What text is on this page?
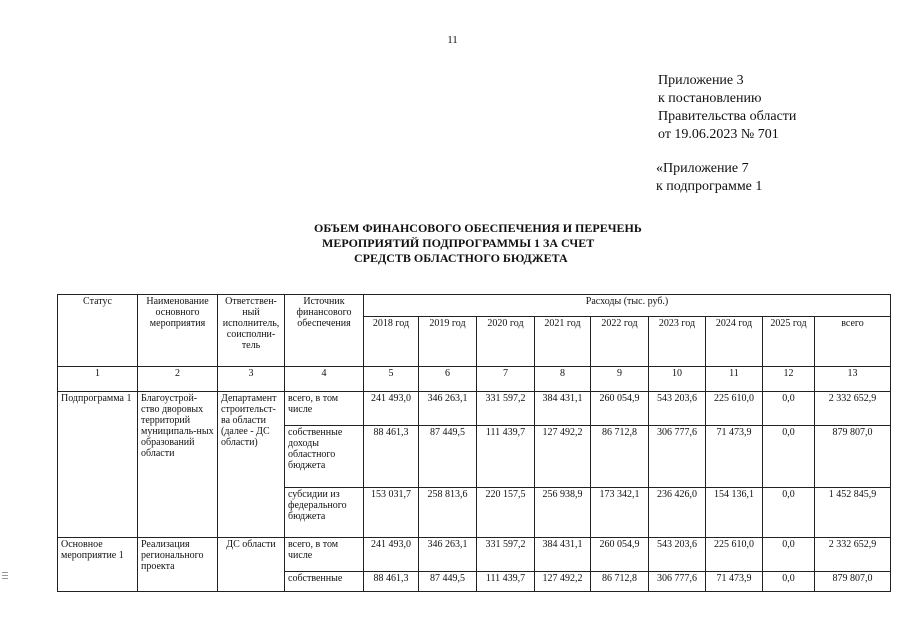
11
Приложение 3
к постановлению
Правительства области
от 19.06.2023 № 701
«Приложение 7
к подпрограмме 1
ОБЪЕМ ФИНАНСОВОГО ОБЕСПЕЧЕНИЯ И ПЕРЕЧЕНЬ
МЕРОПРИЯТИЙ ПОДПРОГРАММЫ 1 ЗА СЧЕТ
СРЕДСТВ ОБЛАСТНОГО БЮДЖЕТА
Статус	Наименование основного мероприятия	Ответствен-ный исполнитель, соисполни-тель	Источник финансового обеспечения	Расходы (тыс. руб.)								
				2018 год	2019 год	2020 год	2021 год	2022 год	2023 год	2024 год	2025 год	всего
1	2	3	4	5	6	7	8	9	10	11	12	13
Подпрограмма 1	Благоустрой-ство дворовых территорий муниципаль-ных образований области	Департамент строительст-ва области (далее - ДС области)	всего, в том числе	241 493,0	346 263,1	331 597,2	384 431,1	260 054,9	543 203,6	225 610,0	0,0	2 332 652,9
			собственные доходы областного бюджета	88 461,3	87 449,5	111 439,7	127 492,2	86 712,8	306 777,6	71 473,9	0,0	879 807,0
			субсидии из федерального бюджета	153 031,7	258 813,6	220 157,5	256 938,9	173 342,1	236 426,0	154 136,1	0,0	1 452 845,9
Основное мероприятие 1	Реализация регионального проекта	ДС области	всего, в том числе	241 493,0	346 263,1	331 597,2	384 431,1	260 054,9	543 203,6	225 610,0	0,0	2 332 652,9
			собственные	88 461,3	87 449,5	111 439,7	127 492,2	86 712,8	306 777,6	71 473,9	0,0	879 807,0
